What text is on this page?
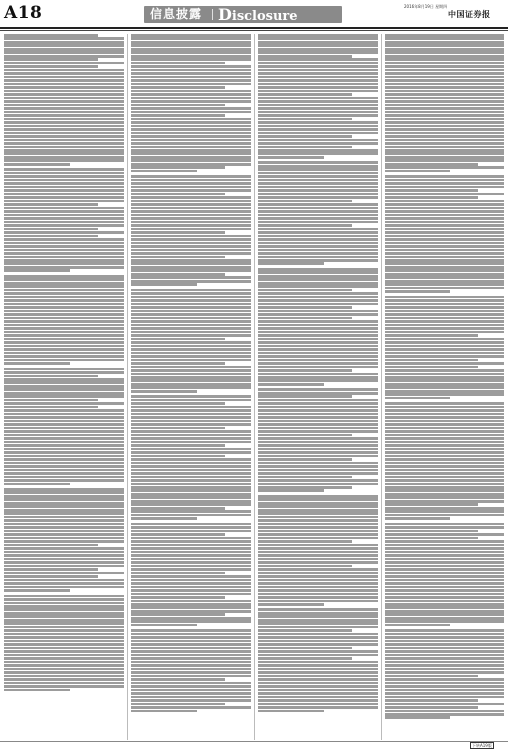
A18	信息披露 Disclosure
2016年8月19日 星期四
中国证券报
下转A19版
